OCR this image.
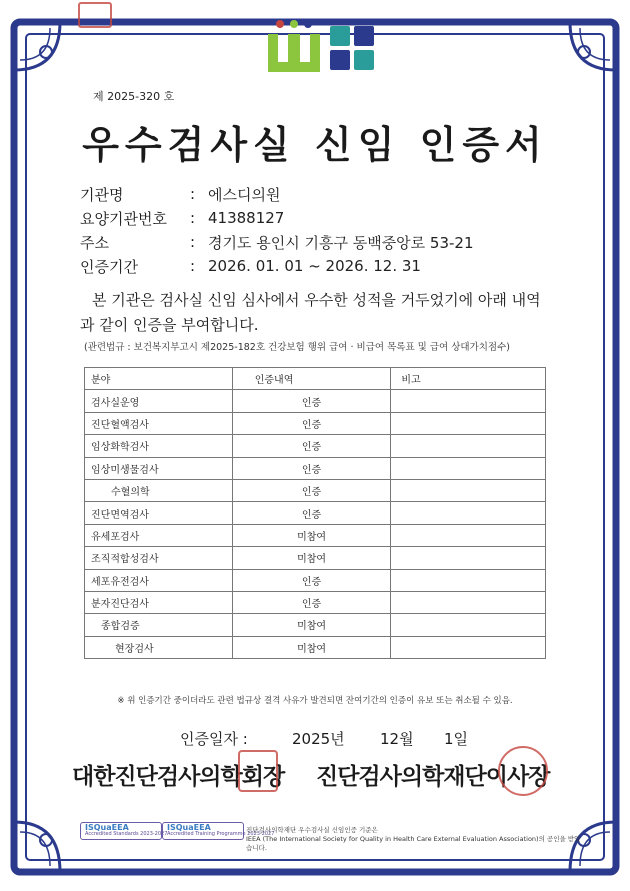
제 2025-320 호
우수검사실 신임 인증서
기관명	: 에스디의원
요양기관번호	: 41388127
주소	: 경기도 용인시 기흥구 동백중앙로 53-21
인증기간	: 2026. 01. 01 ~ 2026. 12. 31
본 기관은 검사실 신임 심사에서 우수한 성적을 거두었기에 아래 내역과 같이 인증을 부여합니다.
(관련법규 : 보건복지부고시 제2025-182호 건강보험 행위 급여 · 비급여 목록표 및 급여 상대가치점수)
분야	인증내역	비고
검사실운영	인증	
진단혈액검사	인증	
임상화학검사	인증	
임상미생물검사	인증	
수혈의학	인증	
진단면역검사	인증	
유세포검사	미참여	
조직적합성검사	미참여	
세포유전검사	인증	
분자진단검사	인증	
종합검증	미참여	
현장검사	미참여	
※ 위 인증기간 중이더라도 관련 법규상 결격 사유가 발견되면 잔여기간의 인증이 유보 또는 취소될 수 있음.
인증일자 :	2025년	12월	1일
대한진단검사의학회장 진단검사의학재단이사장
ISQuaEEA
Accredited Standards 2023-2027
ISQuaEEA
Accredited Training Programme 2023-2027
진단검사의학재단 우수검사실 신임인증 기준은
IEEA (The International Society for Quality in Health Care External Evaluation Association)의 공인을 받았습니다.
